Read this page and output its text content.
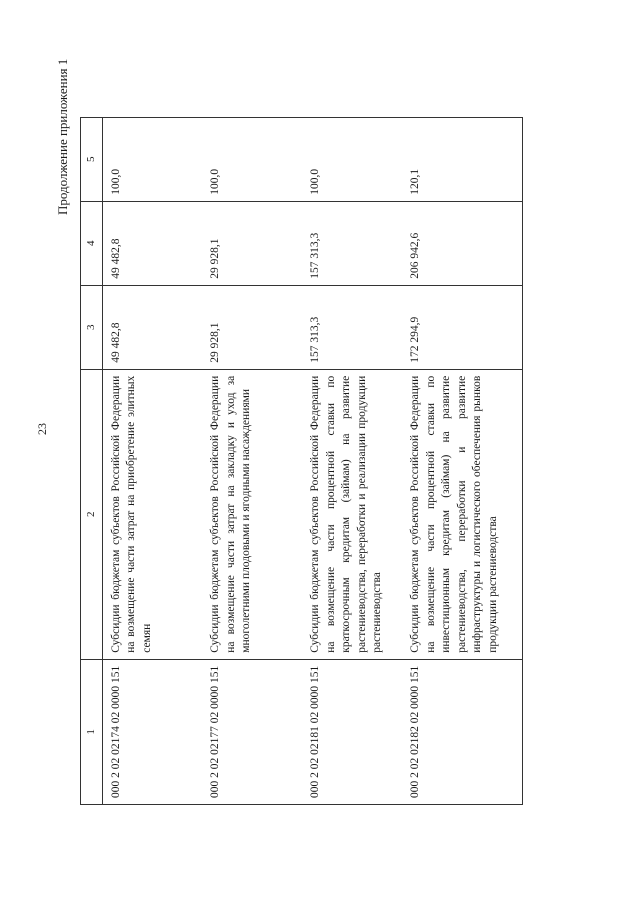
23
Продолжение приложения 1
1	2	3	4	5
000 2 02 02174 02 0000 151	Субсидии бюджетам субъектов Российской Федерации на возмещение части затрат на приобретение элитных семян	49 482,8	49 482,8	100,0
000 2 02 02177 02 0000 151	Субсидии бюджетам субъектов Российской Федерации на возмещение части затрат на закладку и уход за многолетними плодовыми и ягодными насаждениями	29 928,1	29 928,1	100,0
000 2 02 02181 02 0000 151	Субсидии бюджетам субъектов Российской Федерации на возмещение части процентной ставки по краткосрочным кредитам (займам) на развитие растениеводства, переработки и реализации продукции растениеводства	157 313,3	157 313,3	100,0
000 2 02 02182 02 0000 151	Субсидии бюджетам субъектов Российской Федерации на возмещение части процентной ставки по инвестиционным кредитам (займам) на развитие растениеводства, переработки и развитие инфраструктуры и логистического обеспечения рынков продукции растениеводства	172 294,9	206 942,6	120,1
